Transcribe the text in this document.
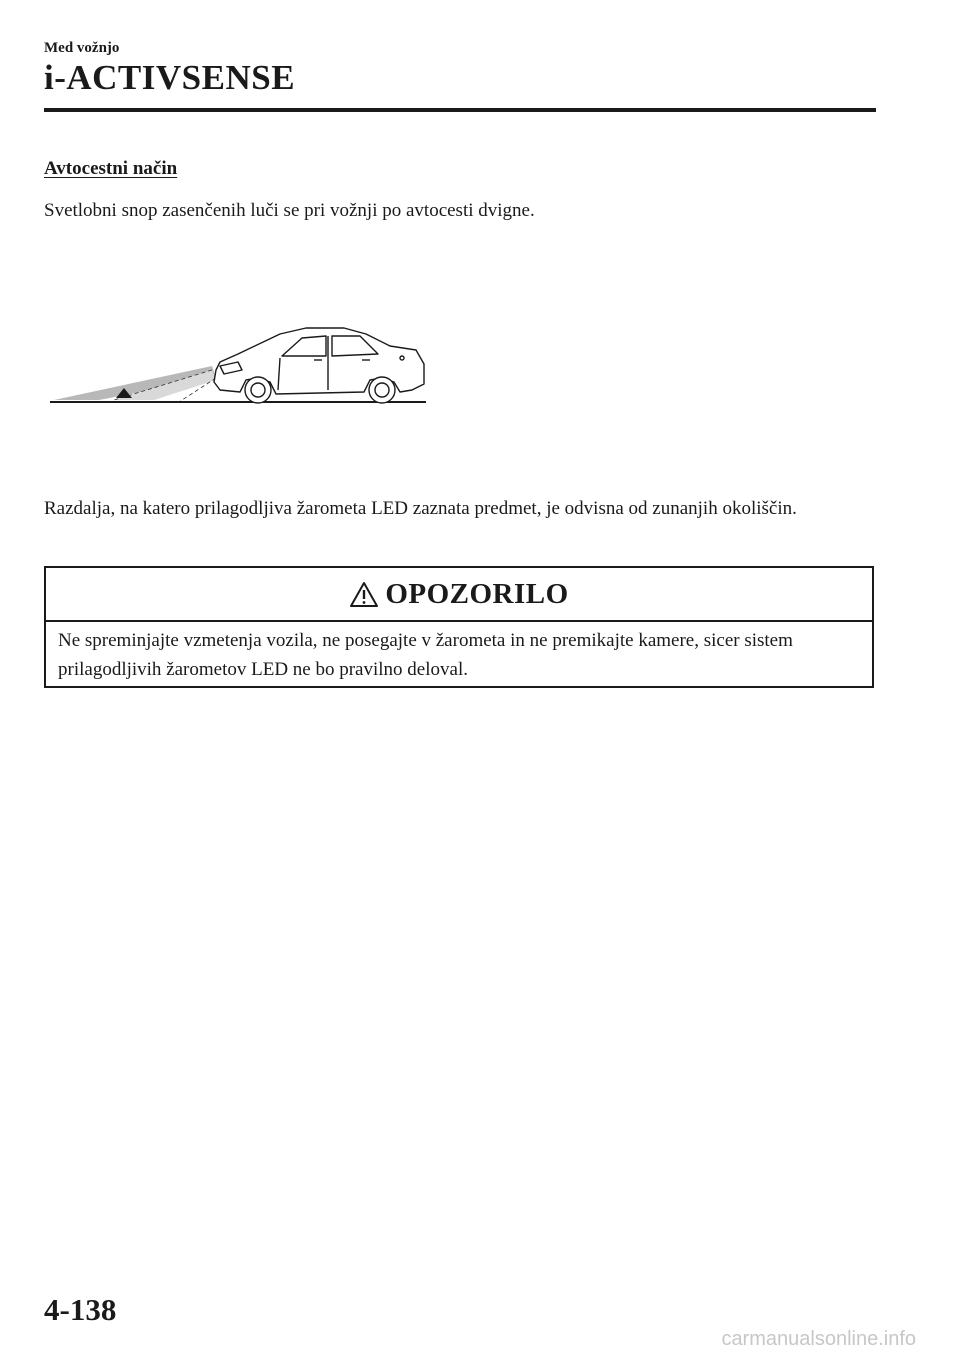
Med vožnjo
i-ACTIVSENSE
Avtocestni način
Svetlobni snop zasenčenih luči se pri vožnji po avtocesti dvigne.
Razdalja, na katero prilagodljiva žarometa LED zaznata predmet, je odvisna od zunanjih okoliščin.
OPOZORILO
Ne spreminjajte vzmetenja vozila, ne posegajte v žarometa in ne premikajte kamere, sicer sistem prilagodljivih žarometov LED ne bo pravilno deloval.
4-138
carmanualsonline.info
